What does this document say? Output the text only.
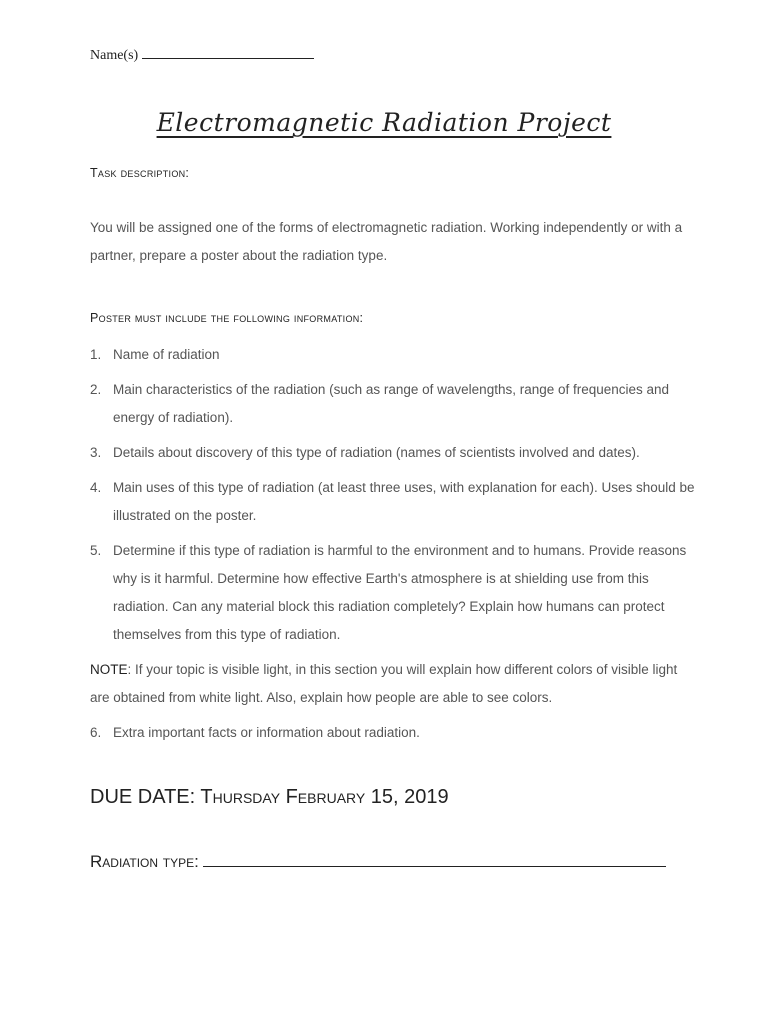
Name(s)
Electromagnetic Radiation Project
Task description:
You will be assigned one of the forms of electromagnetic radiation. Working independently or with a partner, prepare a poster about the radiation type.
Poster must include the following information:
1. Name of radiation
2. Main characteristics of the radiation (such as range of wavelengths, range of frequencies and energy of radiation).
3. Details about discovery of this type of radiation (names of scientists involved and dates).
4. Main uses of this type of radiation (at least three uses, with explanation for each). Uses should be illustrated on the poster.
5. Determine if this type of radiation is harmful to the environment and to humans. Provide reasons why is it harmful. Determine how effective Earth's atmosphere is at shielding use from this radiation. Can any material block this radiation completely? Explain how humans can protect themselves from this type of radiation.
NOTE: If your topic is visible light, in this section you will explain how different colors of visible light are obtained from white light. Also, explain how people are able to see colors.
6. Extra important facts or information about radiation.
DUE DATE: Thursday February 15, 2019
Radiation type:
